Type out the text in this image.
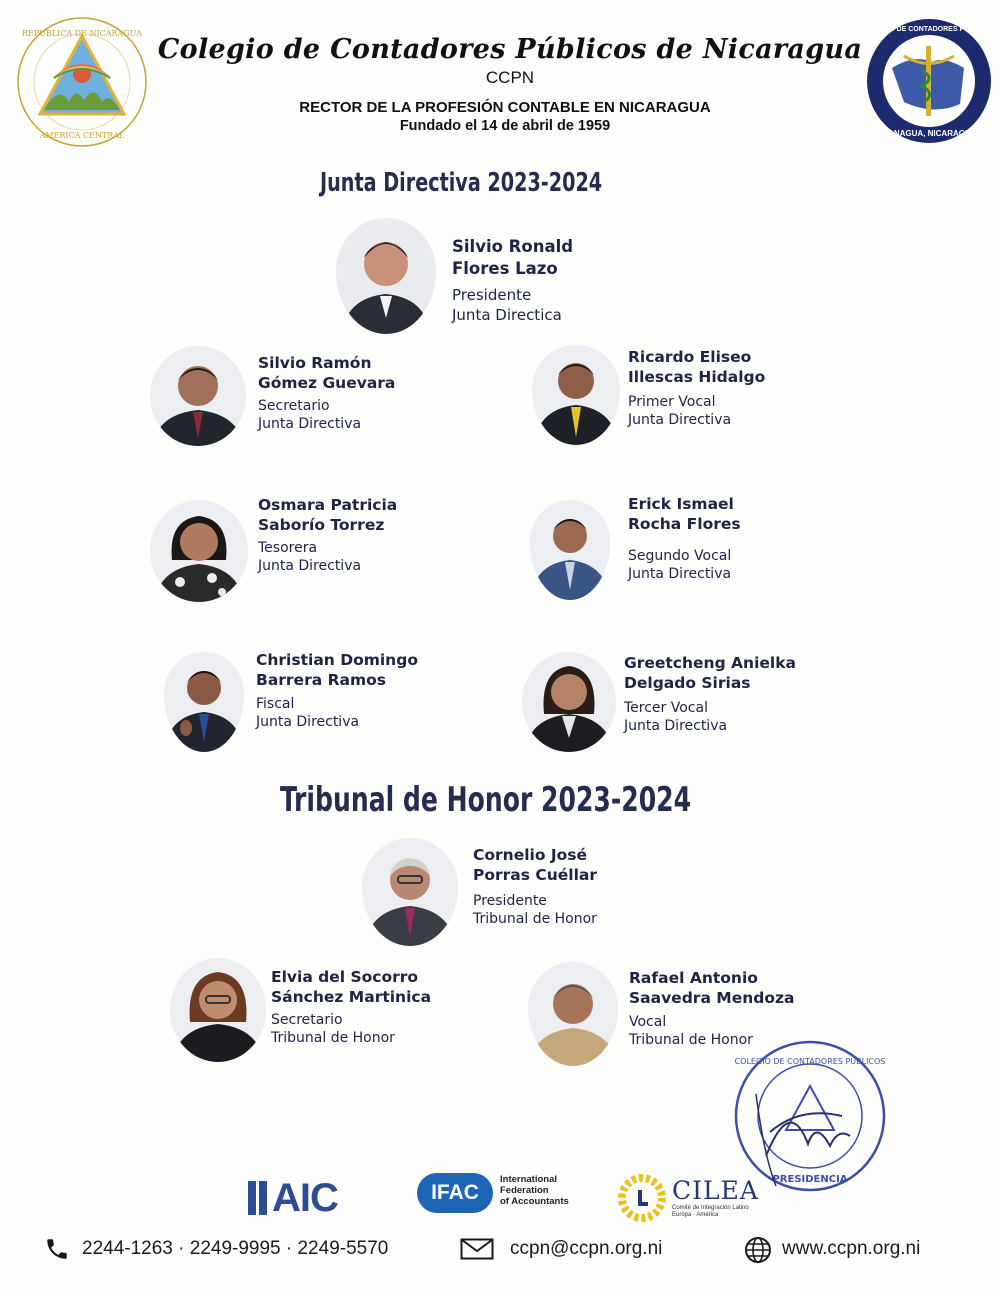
REPUBLICA DE NICARAGUA
AMERICA CENTRAL
Colegio de Contadores Públicos de Nicaragua
CCPN
RECTOR DE LA PROFESIÓN CONTABLE EN NICARAGUA
Fundado el 14 de abril de 1959
COLEGIO DE CONTADORES PUBLICOS
MANAGUA, NICARAGUA
Junta Directiva 2023-2024
Silvio Ronald
Flores Lazo
Presidente
Junta Directica
Silvio Ramón
Gómez Guevara
Secretario
Junta Directiva
Ricardo Eliseo
Illescas Hidalgo
Primer Vocal
Junta Directiva
Osmara Patricia
Saborío Torrez
Tesorera
Junta Directiva
Erick Ismael
Rocha Flores
Segundo Vocal
Junta Directiva
Christian Domingo
Barrera Ramos
Fiscal
Junta Directiva
Greetcheng Anielka
Delgado Sirias
Tercer Vocal
Junta Directiva
Tribunal de Honor 2023-2024
Cornelio José
Porras Cuéllar
Presidente
Tribunal de Honor
Elvia del Socorro
Sánchez Martinica
Secretario
Tribunal de Honor
Rafael Antonio
Saavedra Mendoza
Vocal
Tribunal de Honor
COLEGIO DE CONTADORES PÚBLICOS
PRESIDENCIA
AIC	IFAC
International
Federation
of Accountants	CILEA
Comité de Integración Latino Europa · América
2244-1263 · 2249-9995 · 2249-5570	ccpn@ccpn.org.ni	www.ccpn.org.ni
